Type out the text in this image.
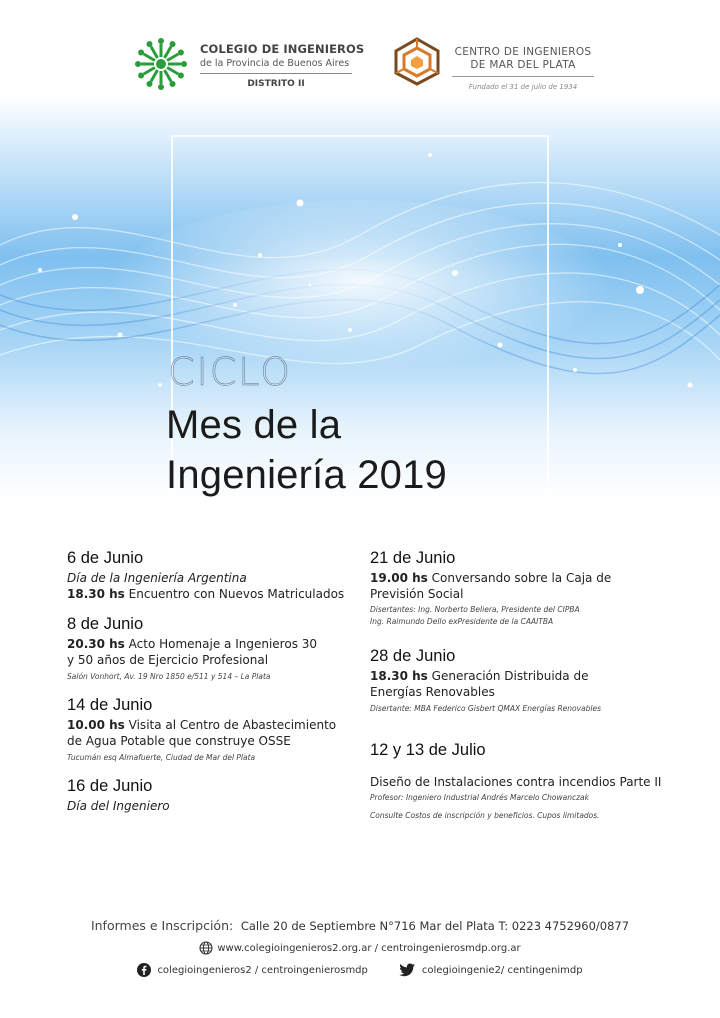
COLEGIO DE INGENIEROS
de la Provincia de Buenos Aires
DISTRITO II
CENTRO DE INGENIEROS
DE MAR DEL PLATA
Fundado el 31 de julio de 1934
CICLO
Mes de la
Ingeniería 2019
6 de Junio
Día de la Ingeniería Argentina
18.30 hs Encuentro con Nuevos Matriculados
8 de Junio
20.30 hs Acto Homenaje a Ingenieros 30
y 50 años de Ejercicio Profesional
Salón Vonhort, Av. 19 Nro 1850 e/511 y 514 – La Plata
14 de Junio
10.00 hs Visita al Centro de Abastecimiento
de Agua Potable que construye OSSE
Tucumán esq Almafuerte, Ciudad de Mar del Plata
16 de Junio
Día del Ingeniero
21 de Junio
19.00 hs Conversando sobre la Caja de
Previsión Social
Disertantes: Ing. Norberto Beliera, Presidente del CIPBA
Ing. Raimundo Dello exPresidente de la CAAITBA
28 de Junio
18.30 hs Generación Distribuida de
Energías Renovables
Disertante: MBA Federico Gisbert QMAX Energías Renovables
12 y 13 de Julio
Diseño de Instalaciones contra incendios Parte II
Profesor: Ingeniero Industrial Andrés Marcelo Chowanczak
Consulte Costos de inscripción y beneficios. Cupos limitados.
Informes e Inscripción: Calle 20 de Septiembre N°716 Mar del Plata T: 0223 4752960/0877
www.colegioingenieros2.org.ar / centroingenierosmdp.org.ar
colegioingenieros2 / centroingenierosmdp	colegioingenie2/ centingenimdp
